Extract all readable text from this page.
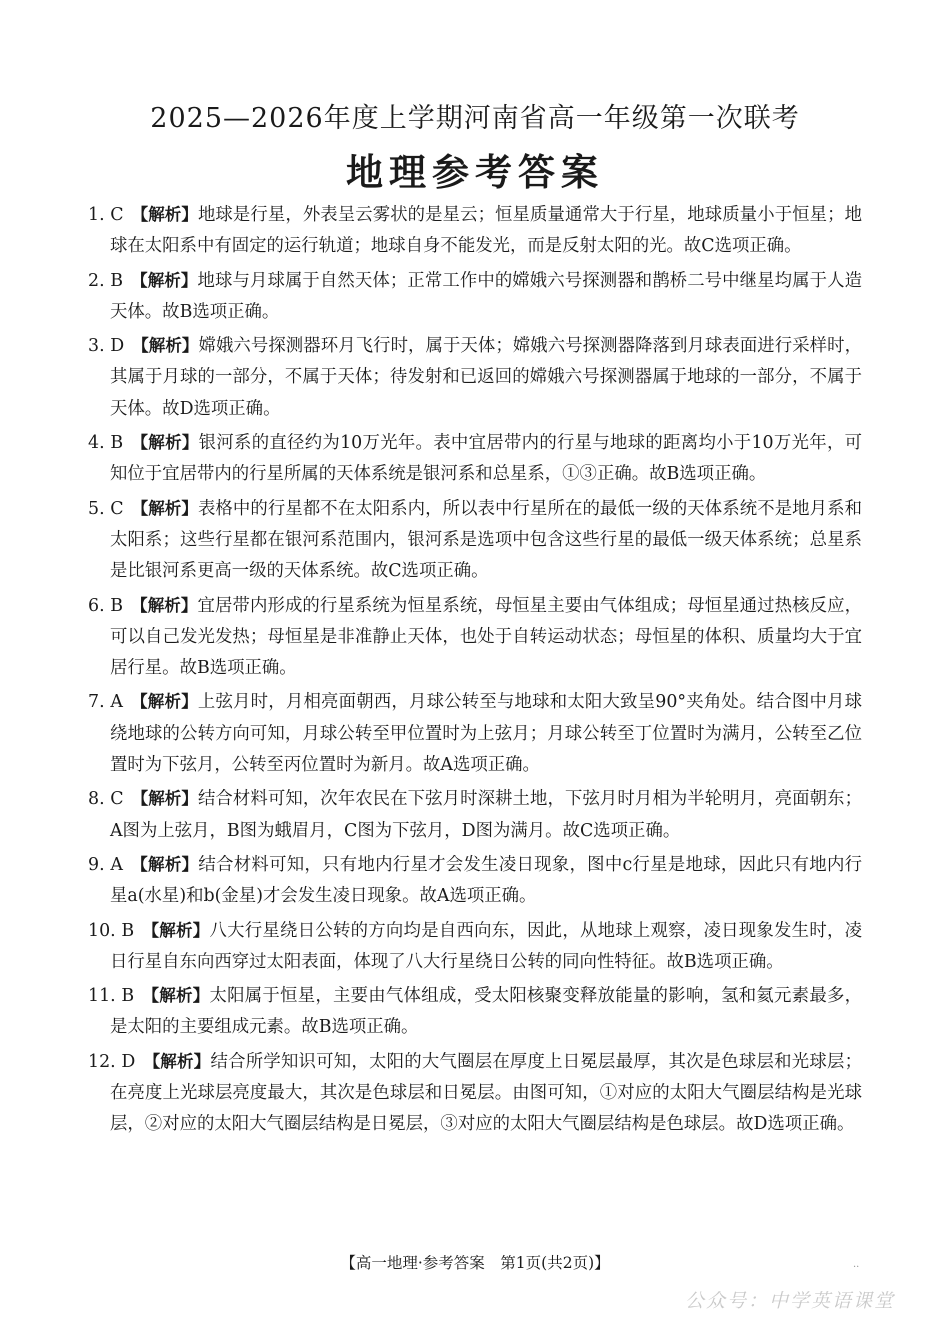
2025—2026年度上学期河南省高一年级第一次联考
地理参考答案
1. C 【解析】地球是行星，外表呈云雾状的是星云；恒星质量通常大于行星，地球质量小于恒星；地球在太阳系中有固定的运行轨道；地球自身不能发光，而是反射太阳的光。故C选项正确。
2. B 【解析】地球与月球属于自然天体；正常工作中的嫦娥六号探测器和鹊桥二号中继星均属于人造天体。故B选项正确。
3. D 【解析】嫦娥六号探测器环月飞行时，属于天体；嫦娥六号探测器降落到月球表面进行采样时，其属于月球的一部分，不属于天体；待发射和已返回的嫦娥六号探测器属于地球的一部分，不属于天体。故D选项正确。
4. B 【解析】银河系的直径约为10万光年。表中宜居带内的行星与地球的距离均小于10万光年，可知位于宜居带内的行星所属的天体系统是银河系和总星系，①③正确。故B选项正确。
5. C 【解析】表格中的行星都不在太阳系内，所以表中行星所在的最低一级的天体系统不是地月系和太阳系；这些行星都在银河系范围内，银河系是选项中包含这些行星的最低一级天体系统；总星系是比银河系更高一级的天体系统。故C选项正确。
6. B 【解析】宜居带内形成的行星系统为恒星系统，母恒星主要由气体组成；母恒星通过热核反应，可以自己发光发热；母恒星是非准静止天体，也处于自转运动状态；母恒星的体积、质量均大于宜居行星。故B选项正确。
7. A 【解析】上弦月时，月相亮面朝西，月球公转至与地球和太阳大致呈90°夹角处。结合图中月球绕地球的公转方向可知，月球公转至甲位置时为上弦月；月球公转至丁位置时为满月，公转至乙位置时为下弦月，公转至丙位置时为新月。故A选项正确。
8. C 【解析】结合材料可知，次年农民在下弦月时深耕土地，下弦月时月相为半轮明月，亮面朝东；A图为上弦月，B图为蛾眉月，C图为下弦月，D图为满月。故C选项正确。
9. A 【解析】结合材料可知，只有地内行星才会发生凌日现象，图中c行星是地球，因此只有地内行星a(水星)和b(金星)才会发生凌日现象。故A选项正确。
10. B 【解析】八大行星绕日公转的方向均是自西向东，因此，从地球上观察，凌日现象发生时，凌日行星自东向西穿过太阳表面，体现了八大行星绕日公转的同向性特征。故B选项正确。
11. B 【解析】太阳属于恒星，主要由气体组成，受太阳核聚变释放能量的影响，氢和氦元素最多，是太阳的主要组成元素。故B选项正确。
12. D 【解析】结合所学知识可知，太阳的大气圈层在厚度上日冕层最厚，其次是色球层和光球层；在亮度上光球层亮度最大，其次是色球层和日冕层。由图可知，①对应的太阳大气圈层结构是光球层，②对应的太阳大气圈层结构是日冕层，③对应的太阳大气圈层结构是色球层。故D选项正确。
【高一地理·参考答案　第1页(共2页)】	··
公众号：中学英语课堂
